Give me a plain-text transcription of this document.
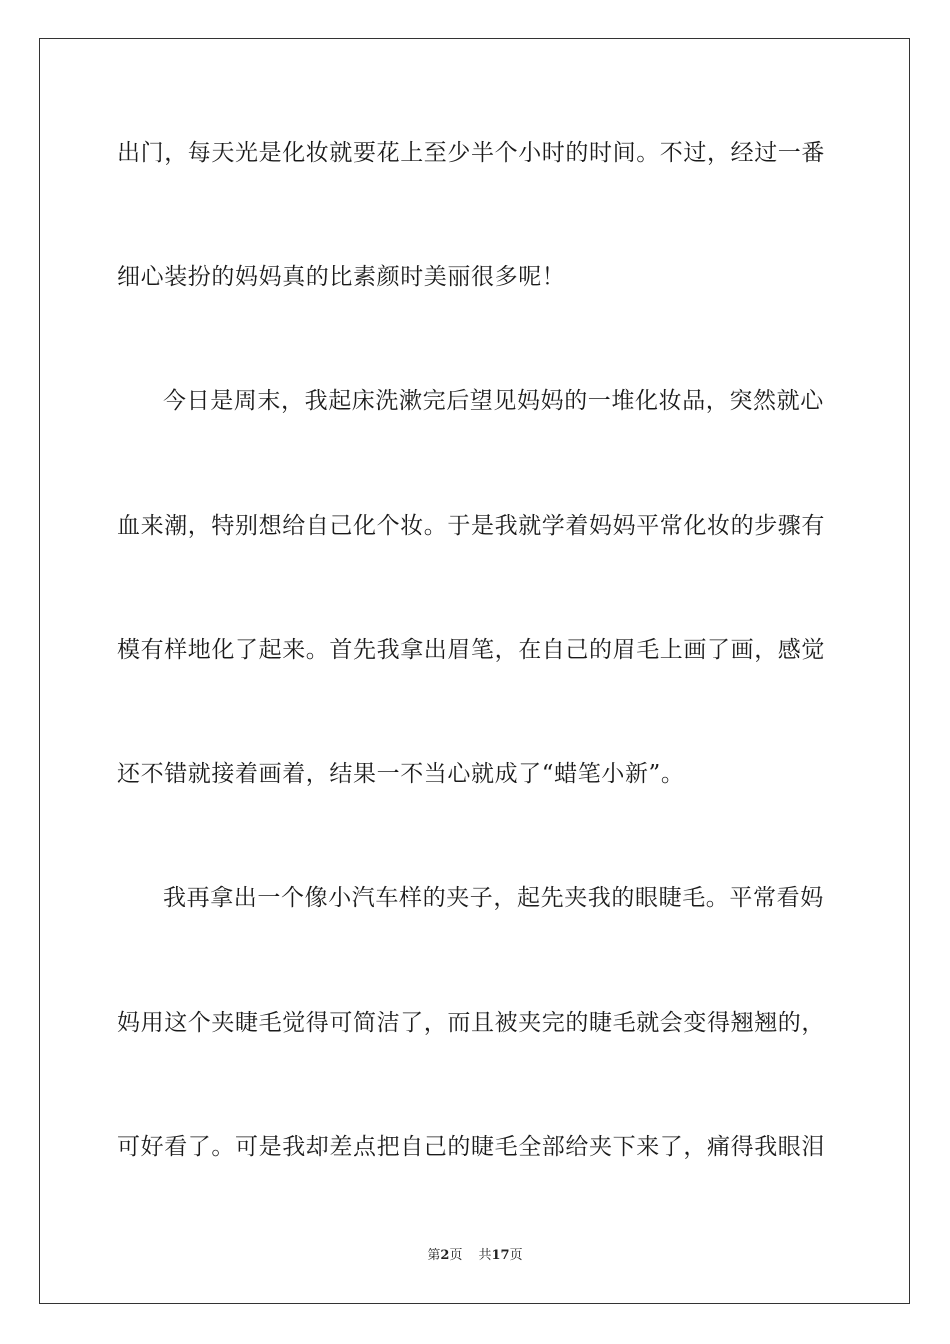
出门，每天光是化妆就要花上至少半个小时的时间。不过，经过一番
细心装扮的妈妈真的比素颜时美丽很多呢！
今日是周末，我起床洗漱完后望见妈妈的一堆化妆品，突然就心
血来潮，特别想给自己化个妆。于是我就学着妈妈平常化妆的步骤有
模有样地化了起来。首先我拿出眉笔，在自己的眉毛上画了画，感觉
还不错就接着画着，结果一不当心就成了“蜡笔小新”。
我再拿出一个像小汽车样的夹子，起先夹我的眼睫毛。平常看妈
妈用这个夹睫毛觉得可简洁了，而且被夹完的睫毛就会变得翘翘的，
可好看了。可是我却差点把自己的睫毛全部给夹下来了，痛得我眼泪
第2页 共17页
